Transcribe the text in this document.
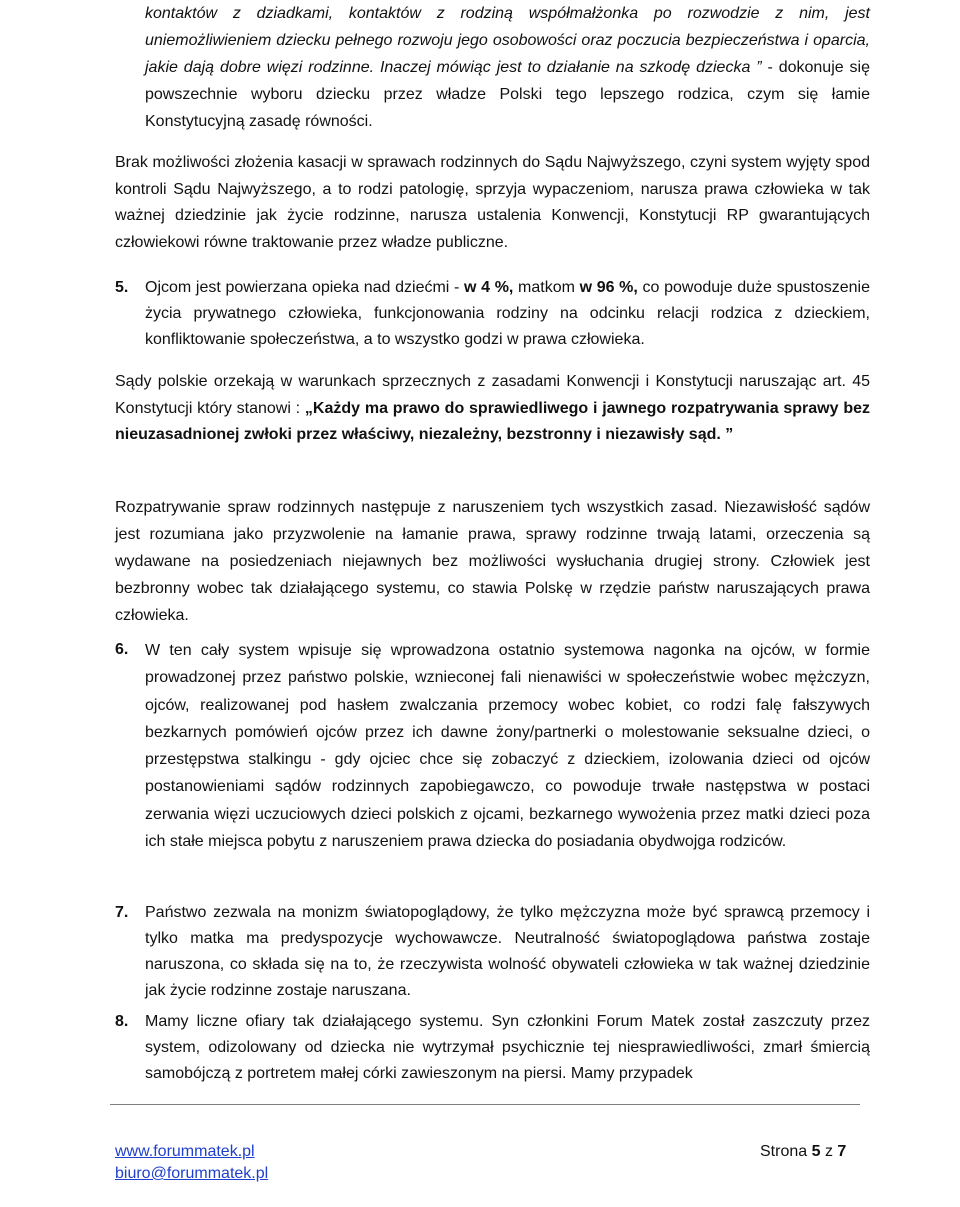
kontaktów z dziadkami, kontaktów z rodziną współmałżonka po rozwodzie z nim, jest uniemożliwieniem dziecku pełnego rozwoju jego osobowości oraz poczucia bezpieczeństwa i oparcia, jakie dają dobre więzi rodzinne. Inaczej mówiąc jest to działanie na szkodę dziecka ” - dokonuje się powszechnie wyboru dziecku przez władze Polski tego lepszego rodzica, czym się łamie Konstytucyjną zasadę równości.
Brak możliwości złożenia kasacji w sprawach rodzinnych do Sądu Najwyższego, czyni system wyjęty spod kontroli Sądu Najwyższego, a to rodzi patologię, sprzyja wypaczeniom, narusza prawa człowieka w tak ważnej dziedzinie jak życie rodzinne, narusza ustalenia Konwencji, Konstytucji RP gwarantujących człowiekowi równe traktowanie przez władze publiczne.
5. Ojcom jest powierzana opieka nad dziećmi - w 4 %, matkom w 96 %, co powoduje duże spustoszenie życia prywatnego człowieka, funkcjonowania rodziny na odcinku relacji rodzica z dzieckiem, konfliktowanie społeczeństwa, a to wszystko godzi w prawa człowieka.
Sądy polskie orzekają w warunkach sprzecznych z zasadami Konwencji i Konstytucji naruszając art. 45 Konstytucji który stanowi : „Każdy ma prawo do sprawiedliwego i jawnego rozpatrywania sprawy bez nieuzasadnionej zwłoki przez właściwy, niezależny, bezstronny i niezawisły sąd. ”
Rozpatrywanie spraw rodzinnych następuje z naruszeniem tych wszystkich zasad. Niezawisłość sądów jest rozumiana jako przyzwolenie na łamanie prawa, sprawy rodzinne trwają latami, orzeczenia są wydawane na posiedzeniach niejawnych bez możliwości wysłuchania drugiej strony. Człowiek jest bezbronny wobec tak działającego systemu, co stawia Polskę w rzędzie państw naruszających prawa człowieka.
6. W ten cały system wpisuje się wprowadzona ostatnio systemowa nagonka na ojców, w formie prowadzonej przez państwo polskie, wznieconej fali nienawiści w społeczeństwie wobec mężczyzn, ojców, realizowanej pod hasłem zwalczania przemocy wobec kobiet, co rodzi falę fałszywych bezkarnych pomówień ojców przez ich dawne żony/partnerki o molestowanie seksualne dzieci, o przestępstwa stalkingu - gdy ojciec chce się zobaczyć z dzieckiem, izolowania dzieci od ojców postanowieniami sądów rodzinnych zapobiegawczo, co powoduje trwałe następstwa w postaci zerwania więzi uczuciowych dzieci polskich z ojcami, bezkarnego wywożenia przez matki dzieci poza ich stałe miejsca pobytu z naruszeniem prawa dziecka do posiadania obydwojga rodziców.
7. Państwo zezwala na monizm światopoglądowy, że tylko mężczyzna może być sprawcą przemocy i tylko matka ma predyspozycje wychowawcze. Neutralność światopoglądowa państwa zostaje naruszona, co składa się na to, że rzeczywista wolność obywateli człowieka w tak ważnej dziedzinie jak życie rodzinne zostaje naruszana.
8. Mamy liczne ofiary tak działającego systemu. Syn członkini Forum Matek został zaszczuty przez system, odizolowany od dziecka nie wytrzymał psychicznie tej niesprawiedliwości, zmarł śmiercią samobójczą z portretem małej córki zawieszonym na piersi. Mamy przypadek
www.forummatek.pl
biuro@forummatek.pl
Strona 5 z 7
